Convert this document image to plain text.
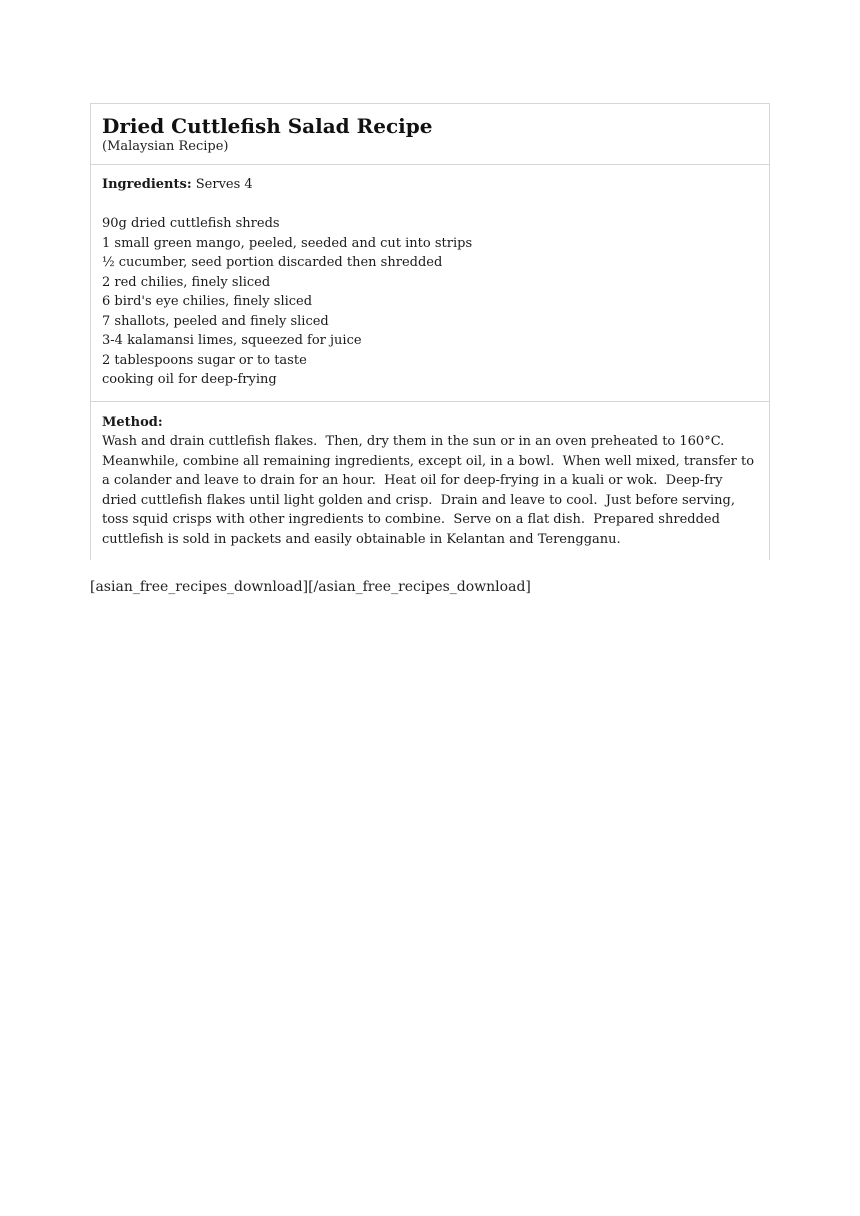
Dried Cuttlefish Salad Recipe
(Malaysian Recipe)
Ingredients: Serves 4
90g dried cuttlefish shreds
1 small green mango, peeled, seeded and cut into strips
½ cucumber, seed portion discarded then shredded
2 red chilies, finely sliced
6 bird's eye chilies, finely sliced
7 shallots, peeled and finely sliced
3-4 kalamansi limes, squeezed for juice
2 tablespoons sugar or to taste
cooking oil for deep-frying
Method:
Wash and drain cuttlefish flakes.  Then, dry them in the sun or in an oven preheated to 160°C.  Meanwhile, combine all remaining ingredients, except oil, in a bowl.  When well mixed, transfer to a colander and leave to drain for an hour.  Heat oil for deep-frying in a kuali or wok.  Deep-fry dried cuttlefish flakes until light golden and crisp.  Drain and leave to cool.  Just before serving, toss squid crisps with other ingredients to combine.  Serve on a flat dish.  Prepared shredded cuttlefish is sold in packets and easily obtainable in Kelantan and Terengganu.
[asian_free_recipes_download][/asian_free_recipes_download]
